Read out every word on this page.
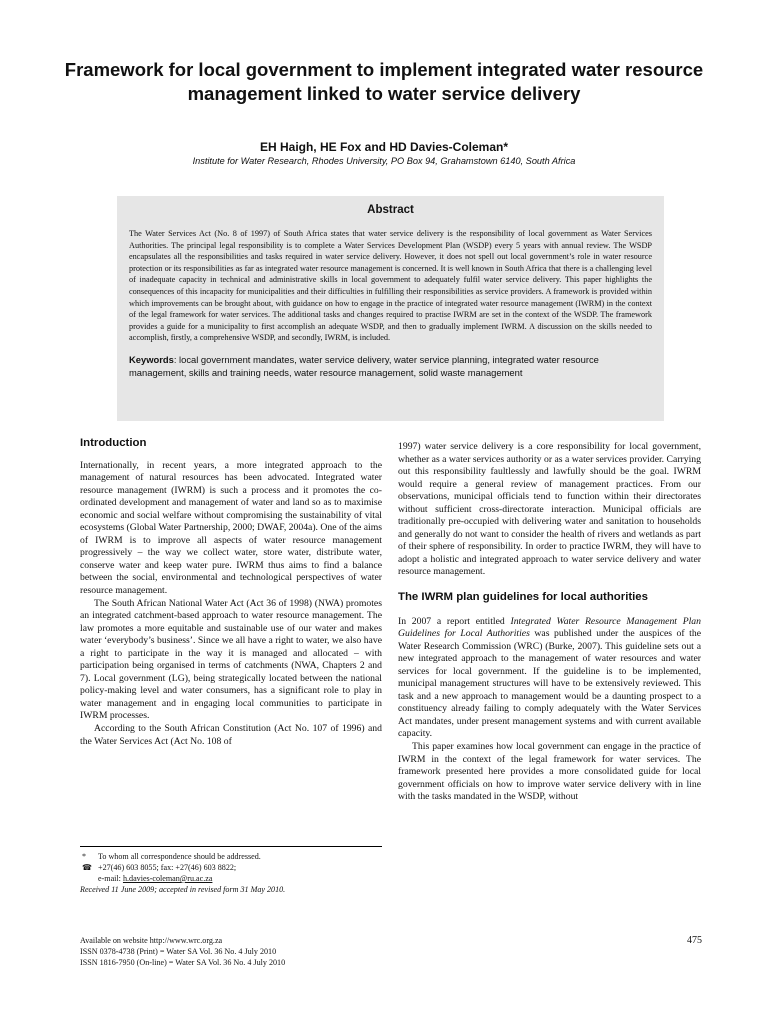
Framework for local government to implement integrated water resource management linked to water service delivery

EH Haigh, HE Fox and HD Davies-Coleman*

Institute for Water Research, Rhodes University, PO Box 94, Grahamstown 6140, South Africa

Abstract

The Water Services Act (No. 8 of 1997) of South Africa states that water service delivery is the responsibility of local government as Water Services Authorities. The principal legal responsibility is to complete a Water Services Development Plan (WSDP) every 5 years with annual review. The WSDP encapsulates all the responsibilities and tasks required in water service delivery. However, it does not spell out local government’s role in water resource protection or its responsibilities as far as integrated water resource management is concerned. It is well known in South Africa that there is a challenging level of inadequate capacity in technical and administrative skills in local government to adequately fulfil water service delivery. This paper highlights the consequences of this incapacity for municipalities and their difficulties in fulfilling their responsibilities as service providers. A framework is provided within which improvements can be brought about, with guidance on how to engage in the practice of integrated water resource management (IWRM) in the context of the legal framework for water services. The additional tasks and changes required to practise IWRM are set in the context of the WSDP. The framework provides a guide for a municipality to first accomplish an adequate WSDP, and then to gradually implement IWRM. A discussion on the skills needed to accomplish, firstly, a comprehensive WSDP, and secondly, IWRM, is included.

Keywords: local government mandates, water service delivery, water service planning, integrated water resource management, skills and training needs, water resource management, solid waste management

Introduction

Internationally, in recent years, a more integrated approach to the management of natural resources has been advocated. Integrated water resource management (IWRM) is such a process and it promotes the co-ordinated development and management of water and land so as to maximise economic and social welfare without compromising the sustainability of vital ecosystems (Global Water Partnership, 2000; DWAF, 2004a). One of the aims of IWRM is to improve all aspects of water resource management progressively – the way we collect water, store water, distribute water, conserve water and keep water pure. IWRM thus aims to find a balance between the social, environmental and technological perspectives of water resource management.

The South African National Water Act (Act 36 of 1998) (NWA) promotes an integrated catchment-based approach to water resource management. The law promotes a more equitable and sustainable use of our water and makes water ‘everybody’s business’. Since we all have a right to water, we also have a right to participate in the way it is managed and allocated – with participation being organised in terms of catchments (NWA, Chapters 2 and 7). Local government (LG), being strategically located between the national policy-making level and water consumers, has a significant role to play in water management and in engaging local communities to participate in IWRM processes.

According to the South African Constitution (Act No. 107 of 1996) and the Water Services Act (Act No. 108 of

1997) water service delivery is a core responsibility for local government, whether as a water services authority or as a water services provider. Carrying out this responsibility faultlessly and lawfully should be the goal. IWRM would require a general review of management practices. From our observations, municipal officials tend to function within their directorates without sufficient cross-directorate interaction. Municipal officials are traditionally pre-occupied with delivering water and sanitation to households and generally do not want to consider the health of rivers and wetlands as part of their sphere of responsibility. In order to practice IWRM, they will have to adopt a holistic and integrated approach to water service delivery and water resource management.

The IWRM plan guidelines for local authorities

In 2007 a report entitled Integrated Water Resource Management Plan Guidelines for Local Authorities was published under the auspices of the Water Research Commission (WRC) (Burke, 2007). This guideline sets out a new integrated approach to the management of water resources and water services for local government. If the guideline is to be implemented, municipal management structures will have to be extensively reviewed. This task and a new approach to management would be a daunting prospect to a constituency already failing to comply adequately with the Water Services Act mandates, under present management systems and with current available capacity.

This paper examines how local government can engage in the practice of IWRM in the context of the legal framework for water services. The framework presented here provides a more consolidated guide for local government officials on how to improve water service delivery with in line with the tasks mandated in the WSDP, without

* To whom all correspondence should be addressed.

☎ +27(46) 603 8055; fax: +27(46) 603 8822;

e-mail: h.davies-coleman@ru.ac.za

Received 11 June 2009; accepted in revised form 31 May 2010.

Available on website http://www.wrc.org.za

ISSN 0378-4738 (Print) = Water SA Vol. 36 No. 4 July 2010

ISSN 1816-7950 (On-line) = Water SA Vol. 36 No. 4 July 2010

475
